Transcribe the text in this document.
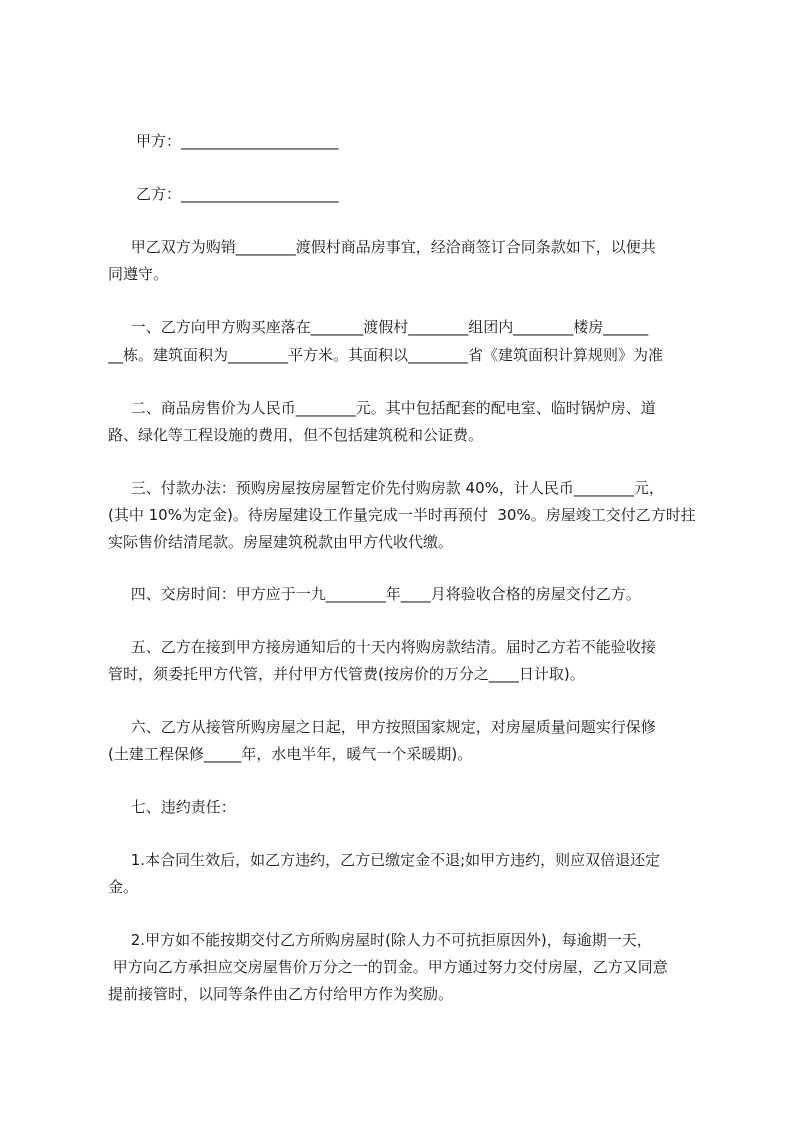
甲方：_____________________
乙方：_____________________
甲乙双方为购销________渡假村商品房事宜，经洽商签订合同条款如下，以便共
同遵守。
一、乙方向甲方购买座落在_______渡假村________组团内________楼房______
__栋。建筑面积为________平方米。其面积以________省《建筑面积计算规则》为准
二、商品房售价为人民币________元。其中包括配套的配电室、临时锅炉房、道
路、绿化等工程设施的费用，但不包括建筑税和公证费。
三、付款办法：预购房屋按房屋暂定价先付购房款 40%，计人民币________元，
(其中 10%为定金)。待房屋建设工作量完成一半时再预付  30%。房屋竣工交付乙方时拄
实际售价结清尾款。房屋建筑税款由甲方代收代缴。
四、交房时间：甲方应于一九________年____月将验收合格的房屋交付乙方。
五、乙方在接到甲方接房通知后的十天内将购房款结清。届时乙方若不能验收接
管时，须委托甲方代管，并付甲方代管费(按房价的万分之____日计取)。
六、乙方从接管所购房屋之日起，甲方按照国家规定，对房屋质量问题实行保修
(土建工程保修_____年，水电半年，暖气一个采暖期)。
七、违约责任：
1.本合同生效后，如乙方违约，乙方已缴定金不退;如甲方违约，则应双倍退还定
金。
2.甲方如不能按期交付乙方所购房屋时(除人力不可抗拒原因外)，每逾期一天，
甲方向乙方承担应交房屋售价万分之一的罚金。甲方通过努力交付房屋，乙方又同意
提前接管时，以同等条件由乙方付给甲方作为奖励。
